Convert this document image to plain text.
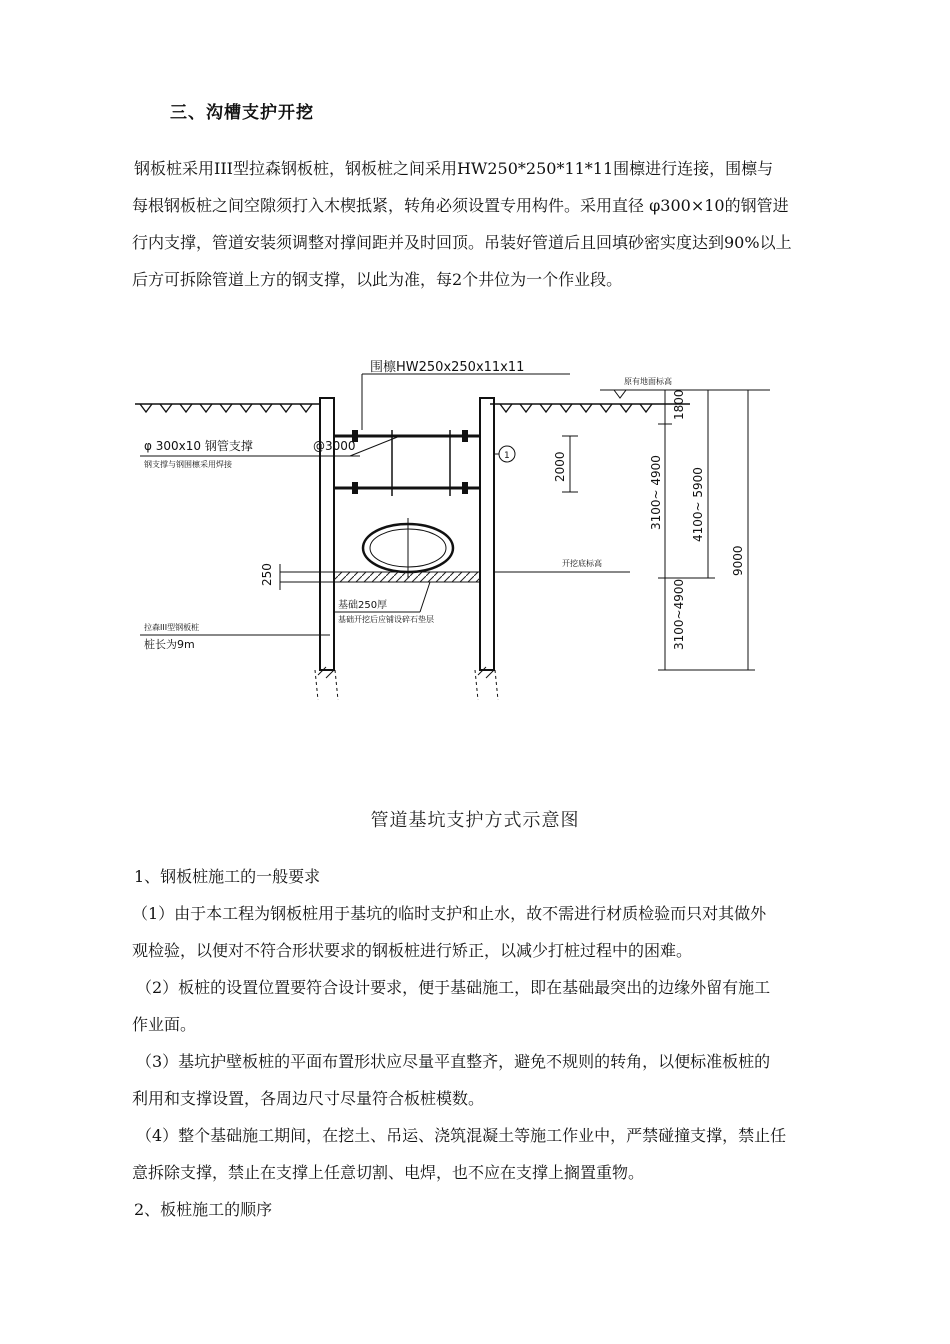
三、沟槽支护开挖
钢板桩采用III型拉森钢板桩，钢板桩之间采用HW250*250*11*11围檩进行连接，围檩与
每根钢板桩之间空隙须打入木楔抵紧，转角必须设置专用构件。采用直径 φ300×10的钢管进
行内支撑，管道安装须调整对撑间距并及时回顶。吊装好管道后且回填砂密实度达到90%以上
后方可拆除管道上方的钢支撑，以此为准，每2个井位为一个作业段。
围檩HW250x250x11x11
原有地面标高
φ 300x10 钢管支撑	@3000
钢支撑与钢围檩采用焊接
1
开挖底标高
基础250厚
基础开挖后应铺设碎石垫层
拉森III型钢板桩
桩长为9m
1800
2000
250
3100~ 4900 4100~ 5900
9000
3100~4900
管道基坑支护方式示意图
1、钢板桩施工的一般要求
（1）由于本工程为钢板桩用于基坑的临时支护和止水，故不需进行材质检验而只对其做外
观检验，以便对不符合形状要求的钢板桩进行矫正，以减少打桩过程中的困难。
（2）板桩的设置位置要符合设计要求，便于基础施工，即在基础最突出的边缘外留有施工
作业面。
（3）基坑护壁板桩的平面布置形状应尽量平直整齐，避免不规则的转角，以便标准板桩的
利用和支撑设置，各周边尺寸尽量符合板桩模数。
（4）整个基础施工期间，在挖土、吊运、浇筑混凝土等施工作业中，严禁碰撞支撑，禁止任
意拆除支撑，禁止在支撑上任意切割、电焊，也不应在支撑上搁置重物。
2、板桩施工的顺序
